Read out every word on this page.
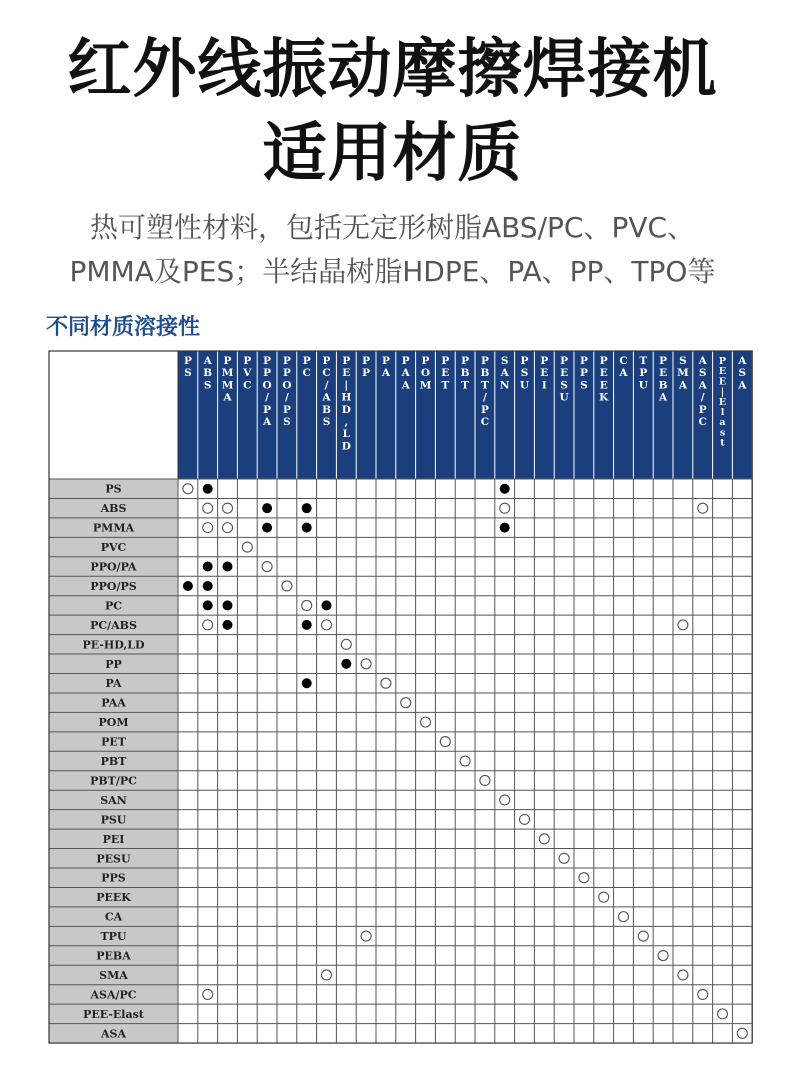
红外线振动摩擦焊接机
适用材质
热可塑性材料，包括无定形树脂ABS/PC、PVC、
PMMA及PES；半结晶树脂HDPE、PA、PP、TPO等
不同材质溶接性
PS
ABS
PMMA
PVC
PPO/PA
PPO/PS
PC
PC/ABS
PE-HD,LD
PP
PA
PAA
POM
PET
PBT
PBT/PC
SAN
PSU
PEI
PESU
PPS
PEEK
CA
TPU
PEBA
SMA
ASA/PC
PEE-Elast
ASA
P S
A B S
P M M A
P V C
P P O / P A
P P O / P S
P C
P C / A B S
P E | H D , L D
P P
P A
P A A
P O M
P E T
P B T
P B T / P C
S A N
P S U
P E I
P E S U
P P S
P E E K
C A
T P U
P E B A
S M A
A S A / P C
P E E | E l a s t
A S A
